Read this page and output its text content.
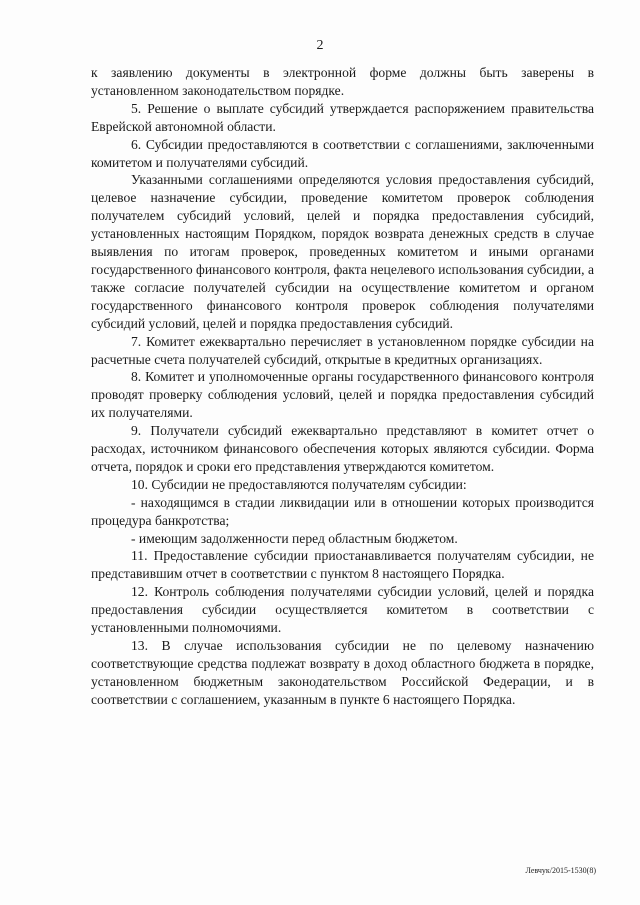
2

к заявлению документы в электронной форме должны быть заверены в установленном законодательством порядке.

5. Решение о выплате субсидий утверждается распоряжением правительства Еврейской автономной области.

6. Субсидии предоставляются в соответствии с соглашениями, заключенными комитетом и получателями субсидий.

Указанными соглашениями определяются условия предоставления субсидий, целевое назначение субсидии, проведение комитетом проверок соблюдения получателем субсидий условий, целей и порядка предоставления субсидий, установленных настоящим Порядком, порядок возврата денежных средств в случае выявления по итогам проверок, проведенных комитетом и иными органами государственного финансового контроля, факта нецелевого использования субсидии, а также согласие получателей субсидии на осуществление комитетом и органом государственного финансового контроля проверок соблюдения получателями субсидий условий, целей и порядка предоставления субсидий.

7. Комитет ежеквартально перечисляет в установленном порядке субсидии на расчетные счета получателей субсидий, открытые в кредитных организациях.

8. Комитет и уполномоченные органы государственного финансового контроля проводят проверку соблюдения условий, целей и порядка предоставления субсидий их получателями.

9. Получатели субсидий ежеквартально представляют в комитет отчет о расходах, источником финансового обеспечения которых являются субсидии. Форма отчета, порядок и сроки его представления утверждаются комитетом.

10. Субсидии не предоставляются получателям субсидии:

- находящимся в стадии ликвидации или в отношении которых производится процедура банкротства;

- имеющим задолженности перед областным бюджетом.

11. Предоставление субсидии приостанавливается получателям субсидии, не представившим отчет в соответствии с пунктом 8 настоящего Порядка.

12. Контроль соблюдения получателями субсидии условий, целей и порядка предоставления субсидии осуществляется комитетом в соответствии с установленными полномочиями.

13. В случае использования субсидии не по целевому назначению соответствующие средства подлежат возврату в доход областного бюджета в порядке, установленном бюджетным законодательством Российской Федерации, и в соответствии с соглашением, указанным в пункте 6 настоящего Порядка.

Левчук/2015-1530(8)
